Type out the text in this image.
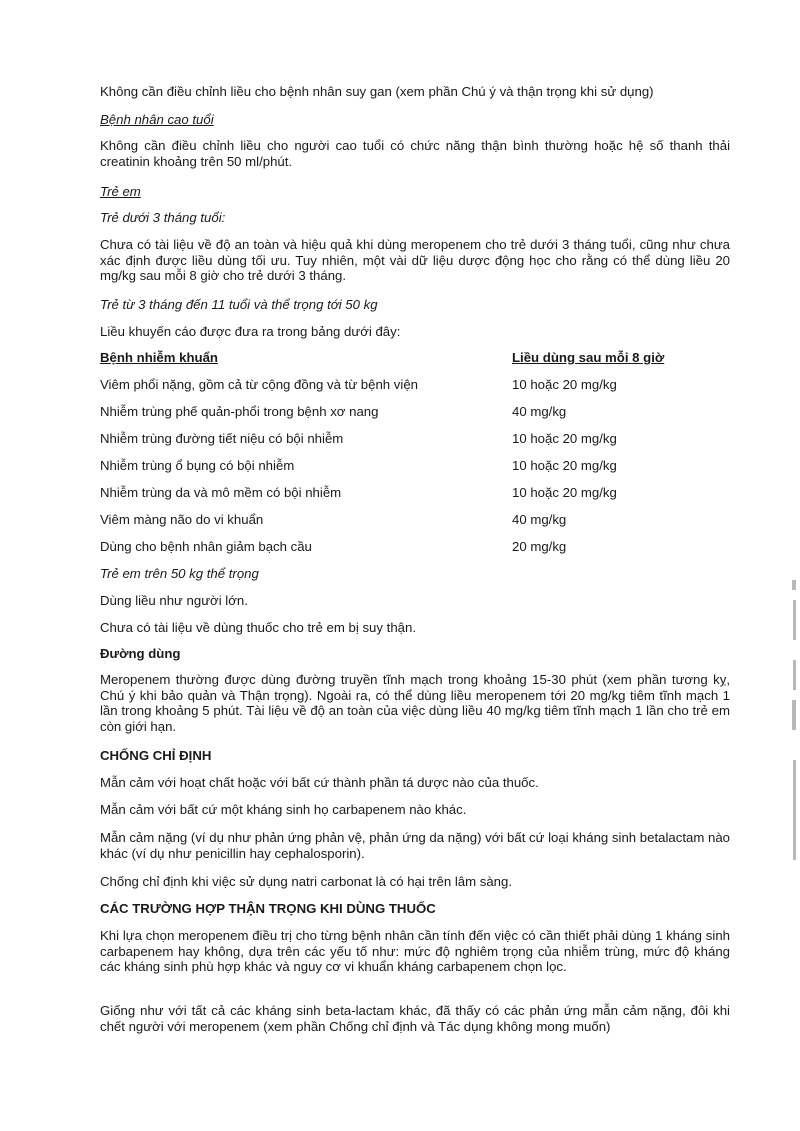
Không cần điều chỉnh liều cho bệnh nhân suy gan (xem phần Chú ý và thận trọng khi sử dụng)

Bệnh nhân cao tuổi

Không cần điều chỉnh liều cho người cao tuổi có chức năng thận bình thường hoặc hệ số thanh thải creatinin khoảng trên 50 ml/phút.

Trẻ em

Trẻ dưới 3 tháng tuổi:

Chưa có tài liệu về độ an toàn và hiệu quả khi dùng meropenem cho trẻ dưới 3 tháng tuổi, cũng như chưa xác định được liều dùng tối ưu. Tuy nhiên, một vài dữ liệu dược động học cho rằng có thể dùng liều 20 mg/kg sau mỗi 8 giờ cho trẻ dưới 3 tháng.

Trẻ từ 3 tháng đến 11 tuổi và thể trọng tới 50 kg

Liều khuyến cáo được đưa ra trong bảng dưới đây:

Bệnh nhiễm khuẩn	Liều dùng sau mỗi 8 giờ
Viêm phổi nặng, gồm cả từ cộng đồng và từ bệnh viện	10 hoặc 20 mg/kg
Nhiễm trùng phế quản-phổi trong bệnh xơ nang	40 mg/kg
Nhiễm trùng đường tiết niệu có bội nhiễm	10 hoặc 20 mg/kg
Nhiễm trùng ổ bụng có bội nhiễm	10 hoặc 20 mg/kg
Nhiễm trùng da và mô mềm có bội nhiễm	10 hoặc 20 mg/kg
Viêm màng não do vi khuẩn	40 mg/kg
Dùng cho bệnh nhân giảm bạch cầu	20 mg/kg

Trẻ em trên 50 kg thể trọng

Dùng liều như người lớn.

Chưa có tài liệu về dùng thuốc cho trẻ em bị suy thận.

Đường dùng

Meropenem thường được dùng đường truyền tĩnh mạch trong khoảng 15-30 phút (xem phần tương kỵ, Chú ý khi bảo quản và Thận trọng). Ngoài ra, có thể dùng liều meropenem tới 20 mg/kg tiêm tĩnh mạch 1 lần trong khoảng 5 phút. Tài liệu về độ an toàn của việc dùng liều 40 mg/kg tiêm tĩnh mạch 1 lần cho trẻ em còn giới hạn.

CHỐNG CHỈ ĐỊNH

Mẫn cảm với hoạt chất hoặc với bất cứ thành phần tá dược nào của thuốc.

Mẫn cảm với bất cứ một kháng sinh họ carbapenem nào khác.

Mẫn cảm nặng (ví dụ như phản ứng phản vệ, phản ứng da nặng) với bất cứ loại kháng sinh betalactam nào khác (ví dụ như penicillin hay cephalosporin).

Chống chỉ định khi việc sử dụng natri carbonat là có hại trên lâm sàng.

CÁC TRƯỜNG HỢP THẬN TRỌNG KHI DÙNG THUỐC

Khi lựa chọn meropenem điều trị cho từng bệnh nhân cần tính đến việc có cần thiết phải dùng 1 kháng sinh carbapenem hay không, dựa trên các yếu tố như: mức độ nghiêm trọng của nhiễm trùng, mức độ kháng các kháng sinh phù hợp khác và nguy cơ vi khuẩn kháng carbapenem chọn lọc.

Giống như với tất cả các kháng sinh beta-lactam khác, đã thấy có các phản ứng mẫn cảm nặng, đôi khi chết người với meropenem (xem phần Chống chỉ định và Tác dụng không mong muốn)
